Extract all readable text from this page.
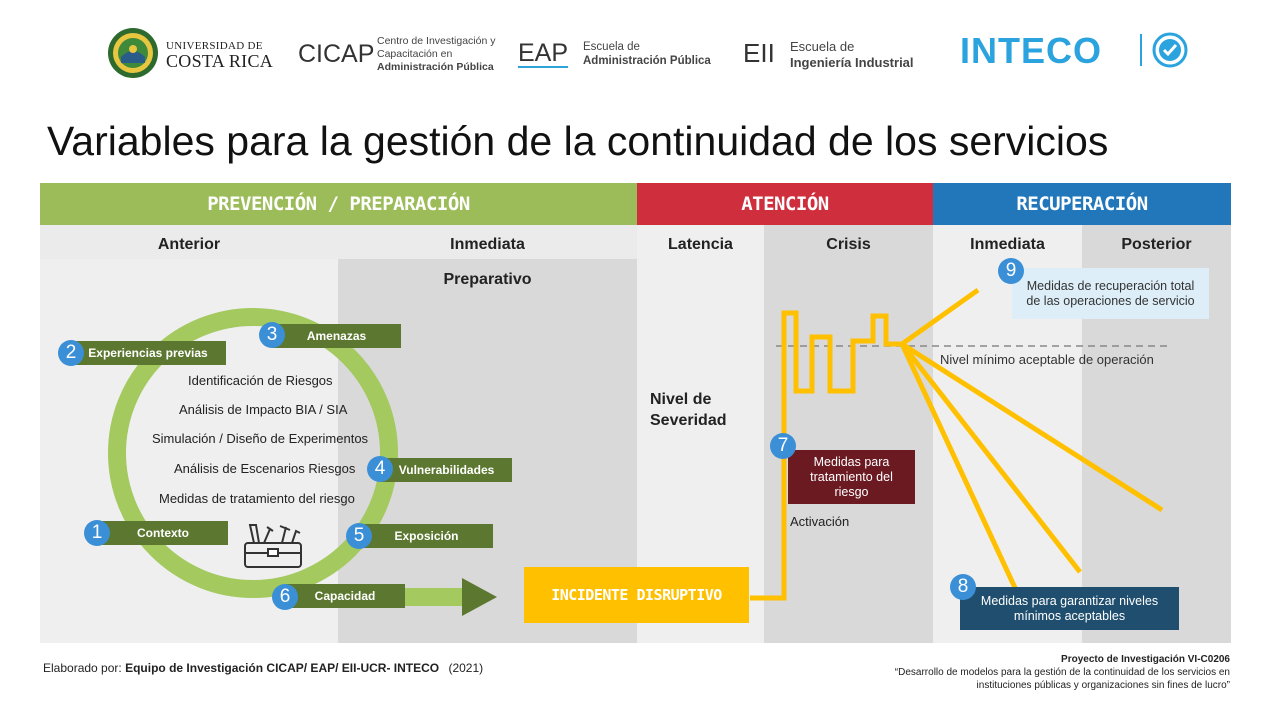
UNIVERSIDAD DE
COSTA RICA CICAP Centro de Investigación y
Capacitación en
Administración Pública EAP Escuela de
Administración Pública EII Escuela de
Ingeniería Industrial INTECO
Variables para la gestión de la continuidad de los servicios
PREVENCIÓN / PREPARACIÓN	ATENCIÓN	RECUPERACIÓN
Anterior	Inmediata	Latencia	Crisis	Inmediata	Posterior
Preparativo
Identificación de Riesgos
Análisis de Impacto BIA / SIA
Simulación / Diseño de Experimentos
Análisis de Escenarios Riesgos
Medidas de tratamiento del riesgo
Experiencias previas
2
Amenazas
3
Vulnerabilidades
4
Contexto
1	Exposición
5
Capacidad
6	INCIDENTE DISRUPTIVO
Nivel de
Severidad
Medidas para
tratamiento del
riesgo
7
Activación
Medidas de recuperación total
de las operaciones de servicio
9
Nivel mínimo aceptable de operación
Medidas para garantizar niveles
mínimos aceptables
8
Elaborado por: Equipo de Investigación CICAP/ EAP/ EII-UCR- INTECO (2021)
Proyecto de Investigación VI-C0206
“Desarrollo de modelos para la gestión de la continuidad de los servicios en
instituciones públicas y organizaciones sin fines de lucro”
